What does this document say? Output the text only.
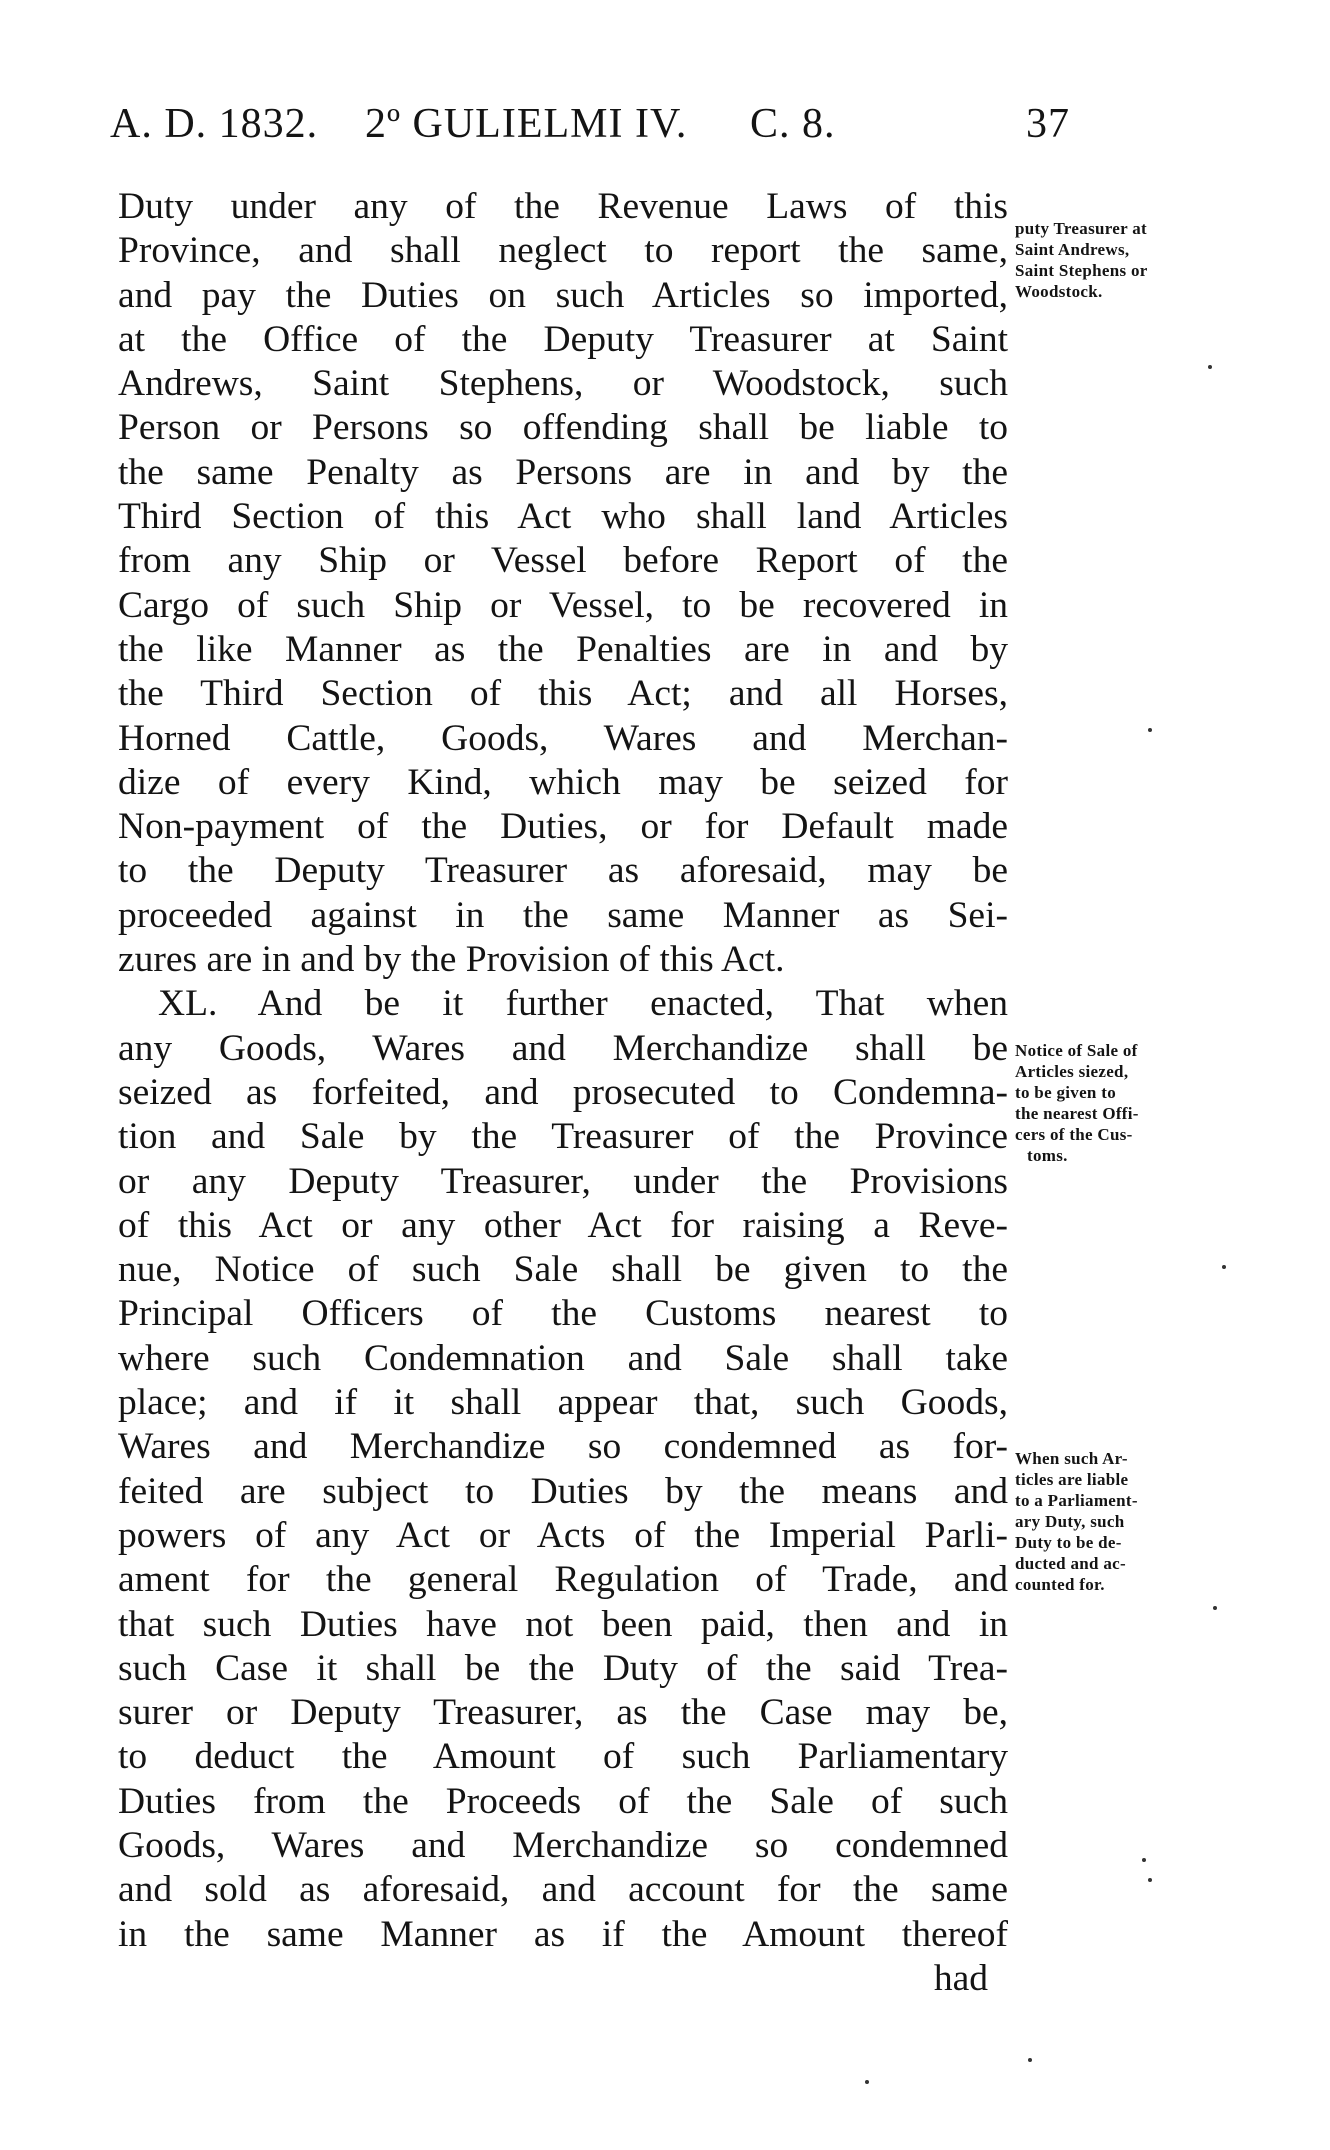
A. D. 1832. 2º GULIELMI IV. C. 8.	37
Duty under any of the Revenue Laws of this
Province, and shall neglect to report the same,
and pay the Duties on such Articles so imported,
at the Office of the Deputy Treasurer at Saint
Andrews, Saint Stephens, or Woodstock, such
Person or Persons so offending shall be liable to
the same Penalty as Persons are in and by the
Third Section of this Act who shall land Articles
from any Ship or Vessel before Report of the
Cargo of such Ship or Vessel, to be recovered in
the like Manner as the Penalties are in and by
the Third Section of this Act; and all Horses,
Horned Cattle, Goods, Wares and Merchan-
dize of every Kind, which may be seized for
Non-payment of the Duties, or for Default made
to the Deputy Treasurer as aforesaid, may be
proceeded against in the same Manner as Sei-
zures are in and by the Provision of this Act.
XL. And be it further enacted, That when
any Goods, Wares and Merchandize shall be
seized as forfeited, and prosecuted to Condemna-
tion and Sale by the Treasurer of the Province
or any Deputy Treasurer, under the Provisions
of this Act or any other Act for raising a Reve-
nue, Notice of such Sale shall be given to the
Principal Officers of the Customs nearest to
where such Condemnation and Sale shall take
place; and if it shall appear that, such Goods,
Wares and Merchandize so condemned as for-
feited are subject to Duties by the means and
powers of any Act or Acts of the Imperial Parli-
ament for the general Regulation of Trade, and
that such Duties have not been paid, then and in
such Case it shall be the Duty of the said Trea-
surer or Deputy Treasurer, as the Case may be,
to deduct the Amount of such Parliamentary
Duties from the Proceeds of the Sale of such
Goods, Wares and Merchandize so condemned
and sold as aforesaid, and account for the same
in the same Manner as if the Amount thereof
had
puty Treasurer at
Saint Andrews,
Saint Stephens or
Woodstock.
Notice of Sale of
Articles siezed,
to be given to
the nearest Offi-
cers of the Cus-
toms.
When such Ar-
ticles are liable
to a Parliament-
ary Duty, such
Duty to be de-
ducted and ac-
counted for.
